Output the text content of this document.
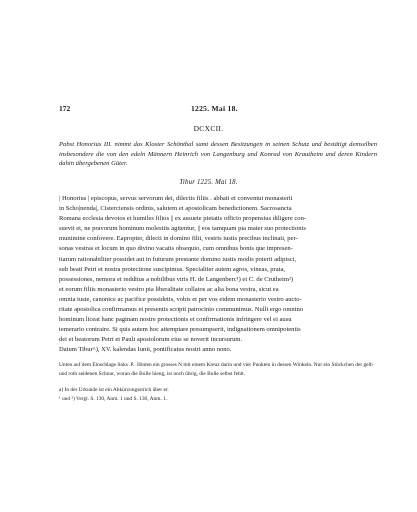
172	1225. Mai 18.
DCXCII.
Pabst Honorius III. nimmt das Kloster Schönthal samt dessen Besitzungen in seinen Schutz und bestätigt demselben insbesondere die von den edeln Männern Heinrich von Langenburg und Konrad von Krautheim und deren Kindern dahin übergebenen Güter.
Tibur 1225. Mai 18.
| Honorius | episcopus, servus servorum dei, dilectis filiis . abbati et conventui monasterii
in Scho|nenda|, Cisterciensis ordinis, salutem et apostolicam benedictionem. Sacrosancta
Romana ecclesia devotos et humiles filios || ex assuete pietatis officio propensius diligere con-
suevit et, ne pravorum hominum molestiis agitentur, || eos tamquam pia mater suo protectionis
munimine confovere. Eapropter, dilecti in domino filii, vestris iustis precibus inclinati, per-
sonas vestras et locum in quo divino vacatis obsequio, cum omnibus bonis que impresen-
tiarum rationabiliter possidet aut in futurum prestante domino iustis modis poterit adipisci,
sub beati Petri et nostra protectione suscipimus. Specialiter autem agros, vineas, prata,
possessiones, nemora et redditus a nobilibus viris H. de Langenberc¹) et C. de Crutheim²)
et eorum filiis monasterio vestro pia liberalitate collatos ac alia bona vestra, sicut ea
omnia iuste, canonice ac pacifice possidetis, vobis et per vos eidem monasterio vestro aucto-
ritate apostolica confirmamus et presentis scripti patrocinio communimus. Nulli ergo omnino
hominum liceat hanc paginam nostre protectionis et confirmationis infringere vel ei ausu
temerario contraire. Si quis autem hoc attemptare presumpserit, indignationem omnipotentis
dei et beatorum Petri et Pauli apostolorum eius se noverit incursurum.
Datum Tibur^), XV. kalendas Iunii, pontificatus nostri anno nono.
Unten auf dem Einschlage links .P.. Hinten ein grosses N mit einem Kreuz darin und vier Punkten in dessen Winkeln. Nur ein Stückchen der gelb und roth seidenen Schnur, woran die Bulle hieng, ist noch übrig, die Bulle selbst fehlt.
a) In der Urkunde ist ein Abkürzungsstrich über er.
¹ und ²) Vergl. S. 130, Anm. 1 und S. 130, Anm. 1.
